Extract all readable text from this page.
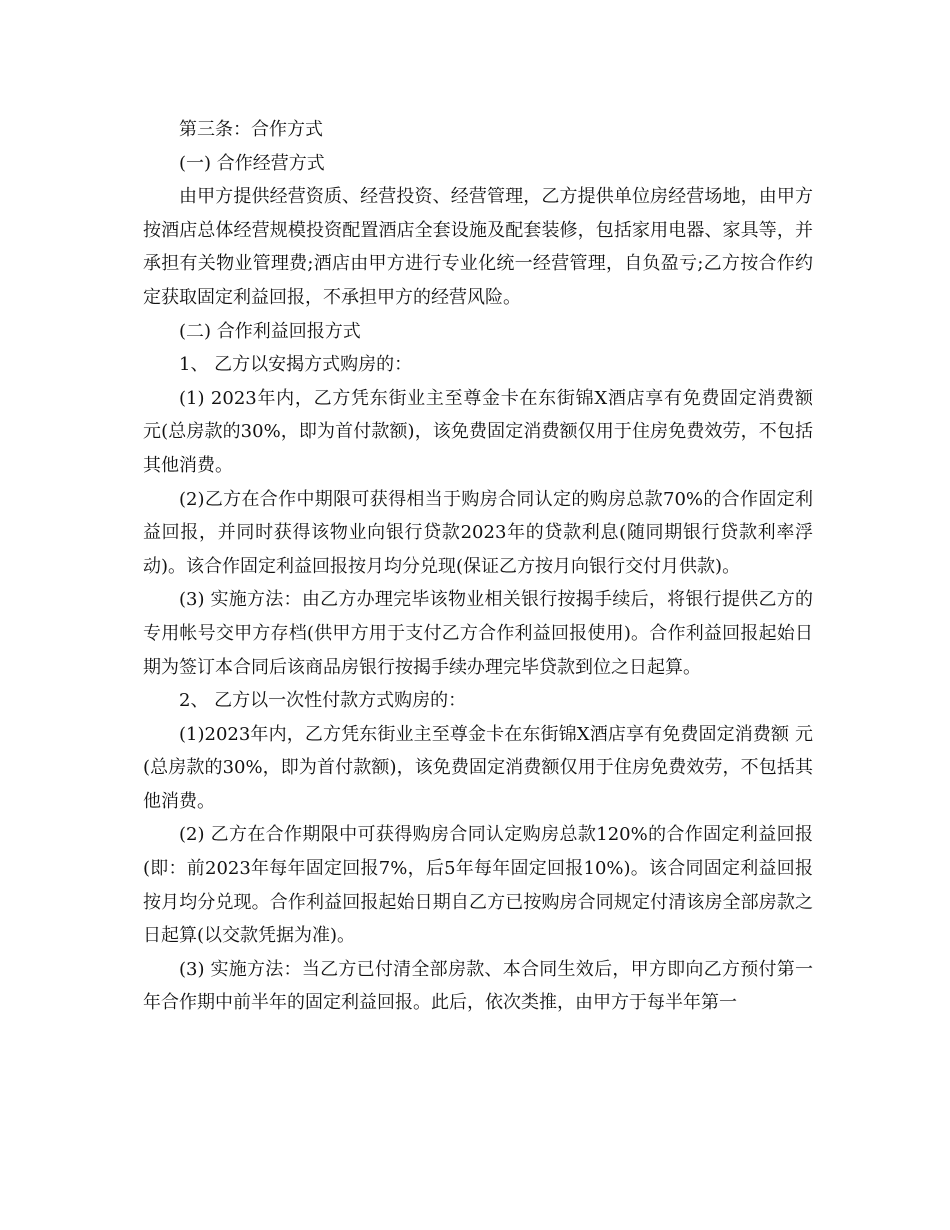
第三条：合作方式

(一) 合作经营方式

由甲方提供经营资质、经营投资、经营管理，乙方提供单位房经营场地，由甲方按酒店总体经营规模投资配置酒店全套设施及配套装修，包括家用电器、家具等，并承担有关物业管理费;酒店由甲方进行专业化统一经营管理，自负盈亏;乙方按合作约定获取固定利益回报，不承担甲方的经营风险。

(二) 合作利益回报方式

1、 乙方以安揭方式购房的：

(1) 2023年内，乙方凭东街业主至尊金卡在东街锦X酒店享有免费固定消费额 元(总房款的30%，即为首付款额)，该免费固定消费额仅用于住房免费效劳，不包括其他消费。

(2)乙方在合作中期限可获得相当于购房合同认定的购房总款70%的合作固定利益回报，并同时获得该物业向银行贷款2023年的贷款利息(随同期银行贷款利率浮动)。该合作固定利益回报按月均分兑现(保证乙方按月向银行交付月供款)。

(3) 实施方法：由乙方办理完毕该物业相关银行按揭手续后，将银行提供乙方的专用帐号交甲方存档(供甲方用于支付乙方合作利益回报使用)。合作利益回报起始日期为签订本合同后该商品房银行按揭手续办理完毕贷款到位之日起算。

2、 乙方以一次性付款方式购房的：

(1)2023年内，乙方凭东街业主至尊金卡在东街锦X酒店享有免费固定消费额 元(总房款的30%，即为首付款额)，该免费固定消费额仅用于住房免费效劳，不包括其他消费。

(2) 乙方在合作期限中可获得购房合同认定购房总款120%的合作固定利益回报(即：前2023年每年固定回报7%，后5年每年固定回报10%)。该合同固定利益回报按月均分兑现。合作利益回报起始日期自乙方已按购房合同规定付清该房全部房款之日起算(以交款凭据为准)。

(3) 实施方法：当乙方已付清全部房款、本合同生效后，甲方即向乙方预付第一年合作期中前半年的固定利益回报。此后，依次类推，由甲方于每半年第一
